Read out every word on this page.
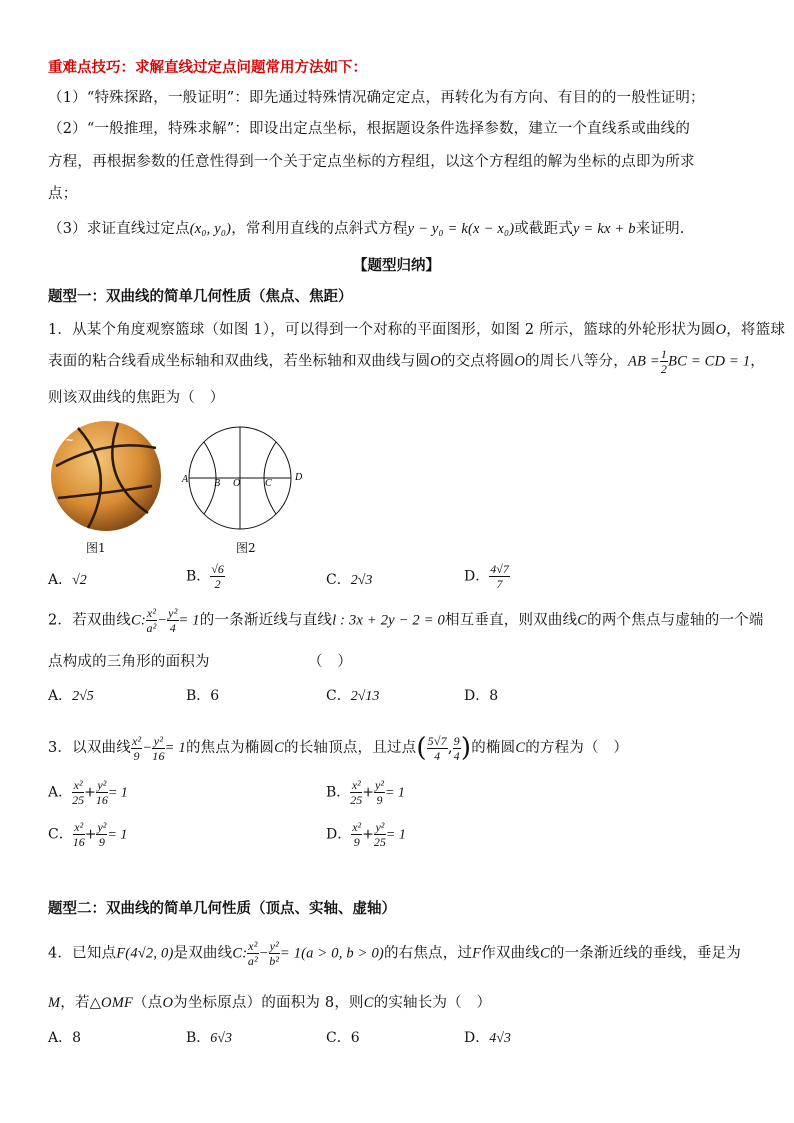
重难点技巧：求解直线过定点问题常用方法如下：
（1）“特殊探路，一般证明”：即先通过特殊情况确定定点，再转化为有方向、有目的的一般性证明；
（2）“一般推理，特殊求解”：即设出定点坐标，根据题设条件选择参数，建立一个直线系或曲线的
方程，再根据参数的任意性得到一个关于定点坐标的方程组，以这个方程组的解为坐标的点即为所求
点；
（3）求证直线过定点(x₀, y₀)，常利用直线的点斜式方程y − y₀ = k(x − x₀)或截距式y = kx + b来证明.
【题型归纳】
题型一：双曲线的简单几何性质（焦点、焦距）
1．从某个角度观察篮球（如图 1），可以得到一个对称的平面图形，如图 2 所示，篮球的外轮形状为圆O，将篮球
表面的粘合线看成坐标轴和双曲线，若坐标轴和双曲线与圆O的交点将圆O的周长八等分，AB = $\frac{1}{2}$ BC = CD = 1，
则该双曲线的焦距为（　）
~
图1
A	B O C
D
图2
A．√2	B． $\frac{√6}{2}$	C．2√3	D． $\frac{4√7}{7}$
2．若双曲线C: $\frac{\text{x²}}{\text{a²}} - \frac{\text{y²}}{4} = 1$的一条渐近线与直线l : 3x + 2y − 2 = 0相互垂直，则双曲线C的两个焦点与虚轴的一个端
点构成的三角形的面积为	（　）
A．2√5	B．6	C．2√13	D．8
3．以双曲线 $\frac{\text{x²}}{9} - \frac{\text{y²}}{16} = 1$的焦点为椭圆C的长轴顶点，且过点( $\frac{5√7}{4}$ , $\frac{9}{4}$ )的椭圆C的方程为（　）
A． $\frac{\text{x²}}{25} + \frac{\text{y²}}{16} = 1$	B． $\frac{\text{x²}}{25} + \frac{\text{y²}}{9} = 1$
C． $\frac{\text{x²}}{16} + \frac{\text{y²}}{9} = 1$	D． $\frac{\text{x²}}{9} + \frac{\text{y²}}{25} = 1$
题型二：双曲线的简单几何性质（顶点、实轴、虚轴）
4．已知点F(4√2, 0)是双曲线C: $\frac{\text{x²}}{\text{a²}} - \frac{\text{y²}}{\text{b²}} = 1(a > 0$, b > 0)的右焦点，过F作双曲线C的一条渐近线的垂线，垂足为
M，若△OMF（点O为坐标原点）的面积为 8，则C的实轴长为（　）
A．8	B．6√3	C．6	D．4√3
